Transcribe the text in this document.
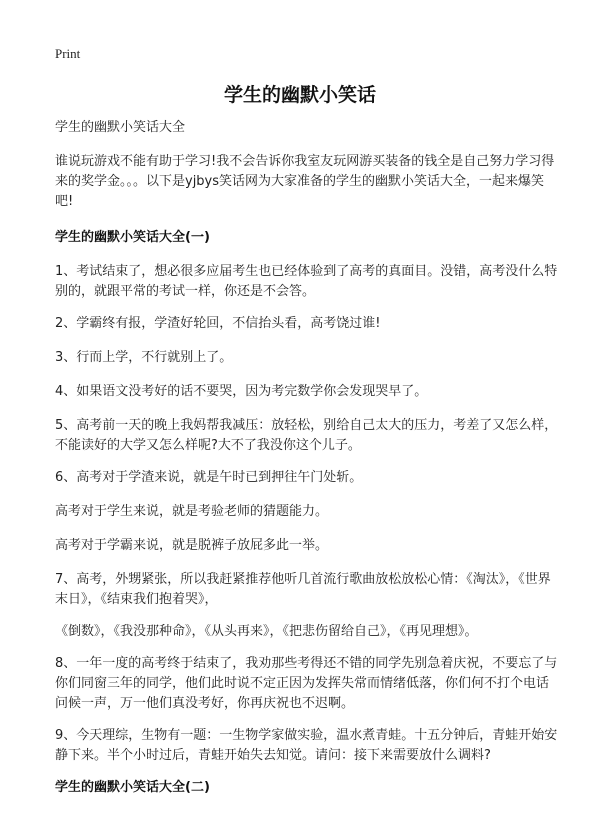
Print
学生的幽默小笑话

学生的幽默小笑话大全

谁说玩游戏不能有助于学习!我不会告诉你我室友玩网游买装备的钱全是自己努力学习得来的奖学金。。。以下是yjbys笑话网为大家准备的学生的幽默小笑话大全，一起来爆笑吧!

学生的幽默小笑话大全(一)

1、考试结束了，想必很多应届考生也已经体验到了高考的真面目。没错，高考没什么特别的，就跟平常的考试一样，你还是不会答。

2、学霸终有报，学渣好轮回，不信抬头看，高考饶过谁!

3、行而上学，不行就别上了。

4、如果语文没考好的话不要哭，因为考完数学你会发现哭早了。

5、高考前一天的晚上我妈帮我减压：放轻松，别给自己太大的压力，考差了又怎么样，不能读好的大学又怎么样呢?大不了我没你这个儿子。

6、高考对于学渣来说，就是午时已到押往午门处斩。

高考对于学生来说，就是考验老师的猜题能力。

高考对于学霸来说，就是脱裤子放屁多此一举。

7、高考，外甥紧张，所以我赶紧推荐他听几首流行歌曲放松放松心情：《淘汰》，《世界末日》，《结束我们抱着哭》，

《倒数》，《我没那种命》，《从头再来》，《把悲伤留给自己》，《再见理想》。

8、一年一度的高考终于结束了，我劝那些考得还不错的同学先别急着庆祝，不要忘了与你们同窗三年的同学，他们此时说不定正因为发挥失常而情绪低落，你们何不打个电话问候一声，万一他们真没考好，你再庆祝也不迟啊。

9、今天理综，生物有一题：一生物学家做实验，温水煮青蛙。十五分钟后，青蛙开始安静下来。半个小时过后，青蛙开始失去知觉。请问：接下来需要放什么调料?

学生的幽默小笑话大全(二)
